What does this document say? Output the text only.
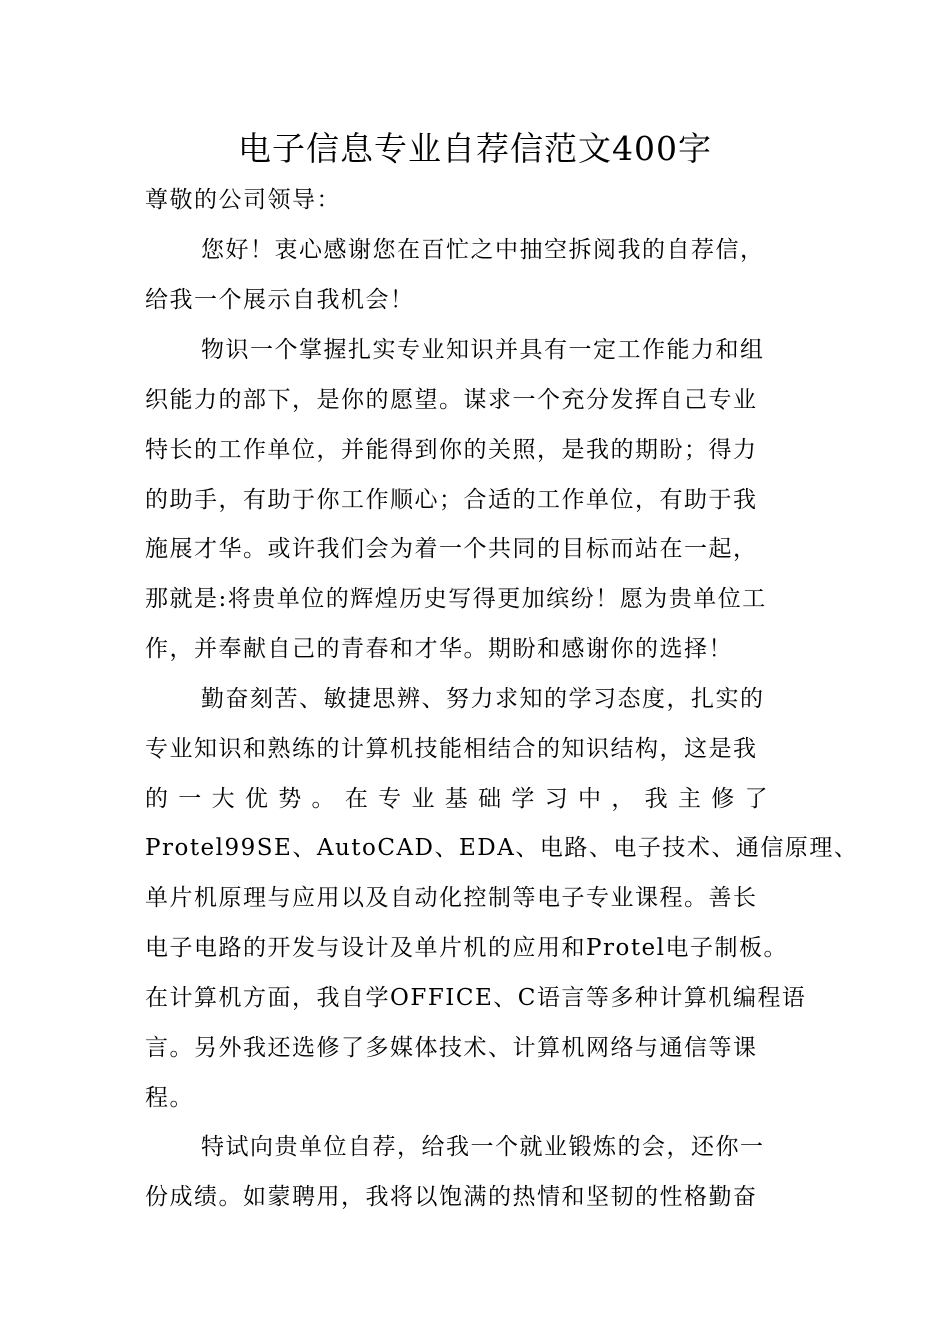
电子信息专业自荐信范文400字
尊敬的公司领导：
您好！衷心感谢您在百忙之中抽空拆阅我的自荐信，
给我一个展示自我机会！
物识一个掌握扎实专业知识并具有一定工作能力和组
织能力的部下，是你的愿望。谋求一个充分发挥自己专业
特长的工作单位，并能得到你的关照，是我的期盼；得力
的助手，有助于你工作顺心；合适的工作单位，有助于我
施展才华。或许我们会为着一个共同的目标而站在一起，
那就是:将贵单位的辉煌历史写得更加缤纷！愿为贵单位工
作，并奉献自己的青春和才华。期盼和感谢你的选择！
勤奋刻苦、敏捷思辨、努力求知的学习态度，扎实的
专业知识和熟练的计算机技能相结合的知识结构，这是我
的 一 大 优 势 。 在 专 业 基 础 学 习 中 ， 我 主 修 了
Protel99SE、AutoCAD、EDA、电路、电子技术、通信原理、
单片机原理与应用以及自动化控制等电子专业课程。善长
电子电路的开发与设计及单片机的应用和Protel电子制板。
在计算机方面，我自学OFFICE、C语言等多种计算机编程语
言。另外我还选修了多媒体技术、计算机网络与通信等课
程。
特试向贵单位自荐，给我一个就业锻炼的会，还你一
份成绩。如蒙聘用，我将以饱满的热情和坚韧的性格勤奋
